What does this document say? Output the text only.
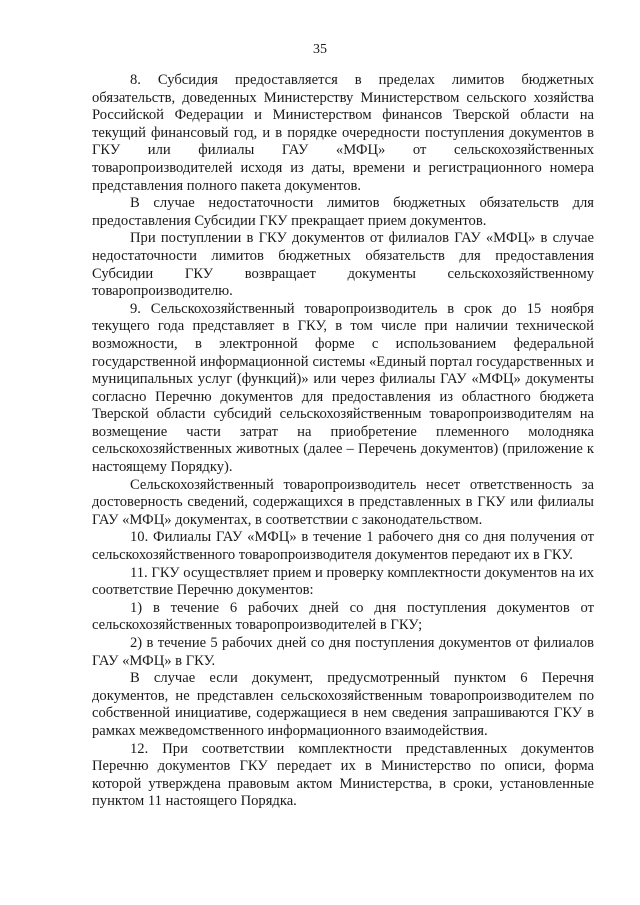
35

8. Субсидия предоставляется в пределах лимитов бюджетных обязательств, доведенных Министерству Министерством сельского хозяйства Российской Федерации и Министерством финансов Тверской области на текущий финансовый год, и в порядке очередности поступления документов в ГКУ или филиалы ГАУ «МФЦ» от сельскохозяйственных товаропроизводителей исходя из даты, времени и регистрационного номера представления полного пакета документов.

В случае недостаточности лимитов бюджетных обязательств для предоставления Субсидии ГКУ прекращает прием документов.

При поступлении в ГКУ документов от филиалов ГАУ «МФЦ» в случае недостаточности лимитов бюджетных обязательств для предоставления Субсидии ГКУ возвращает документы сельскохозяйственному товаропроизводителю.

9. Сельскохозяйственный товаропроизводитель в срок до 15 ноября текущего года представляет в ГКУ, в том числе при наличии технической возможности, в электронной форме с использованием федеральной государственной информационной системы «Единый портал государственных и муниципальных услуг (функций)» или через филиалы ГАУ «МФЦ» документы согласно Перечню документов для предоставления из областного бюджета Тверской области субсидий сельскохозяйственным товаропроизводителям на возмещение части затрат на приобретение племенного молодняка сельскохозяйственных животных (далее – Перечень документов) (приложение к настоящему Порядку).

Сельскохозяйственный товаропроизводитель несет ответственность за достоверность сведений, содержащихся в представленных в ГКУ или филиалы ГАУ «МФЦ» документах, в соответствии с законодательством.

10. Филиалы ГАУ «МФЦ» в течение 1 рабочего дня со дня получения от сельскохозяйственного товаропроизводителя документов передают их в ГКУ.

11. ГКУ осуществляет прием и проверку комплектности документов на их соответствие Перечню документов:

1) в течение 6 рабочих дней со дня поступления документов от сельскохозяйственных товаропроизводителей в ГКУ;

2) в течение 5 рабочих дней со дня поступления документов от филиалов ГАУ «МФЦ» в ГКУ.

В случае если документ, предусмотренный пунктом 6 Перечня документов, не представлен сельскохозяйственным товаропроизводителем по собственной инициативе, содержащиеся в нем сведения запрашиваются ГКУ в рамках межведомственного информационного взаимодействия.

12. При соответствии комплектности представленных документов Перечню документов ГКУ передает их в Министерство по описи, форма которой утверждена правовым актом Министерства, в сроки, установленные пунктом 11 настоящего Порядка.
